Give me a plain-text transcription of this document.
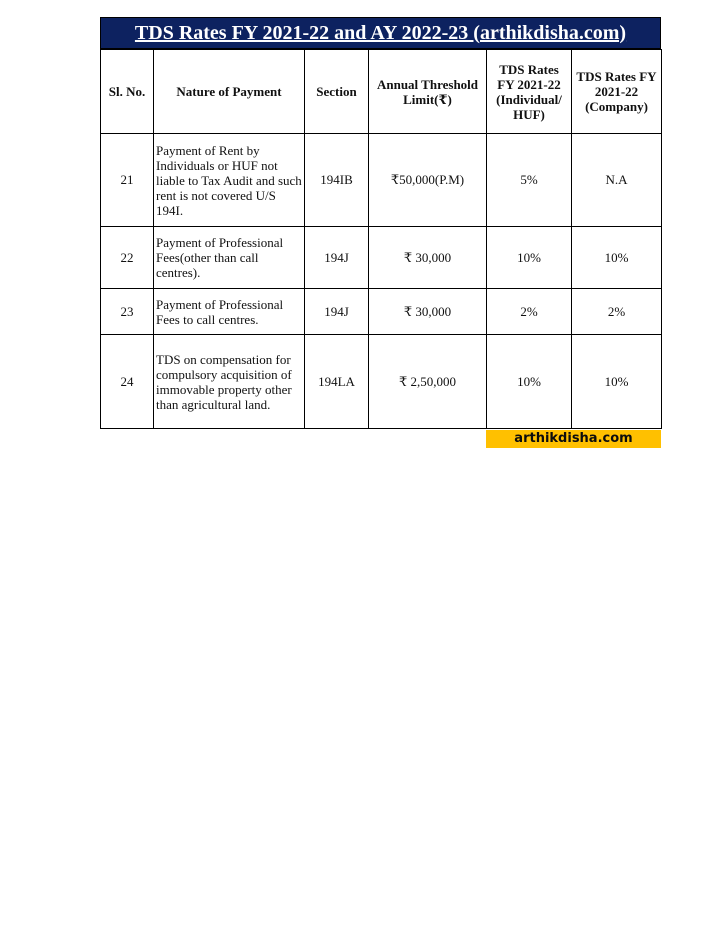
TDS Rates FY 2021-22 and AY 2022-23 (arthikdisha.com)
Sl. No.	Nature of Payment	Section	Annual Threshold Limit(₹)	TDS Rates FY 2021-22 (Individual/ HUF)	TDS Rates FY 2021-22 (Company)
21	Payment of Rent by Individuals or HUF not liable to Tax Audit and such rent is not covered U/S 194I.	194IB	₹50,000(P.M)	5%	N.A
22	Payment of Professional Fees(other than call centres).	194J	₹ 30,000	10%	10%
23	Payment of Professional Fees to call centres.	194J	₹ 30,000	2%	2%
24	TDS on compensation for compulsory acquisition of immovable property other than agricultural land.	194LA	₹ 2,50,000	10%	10%
arthikdisha.com
